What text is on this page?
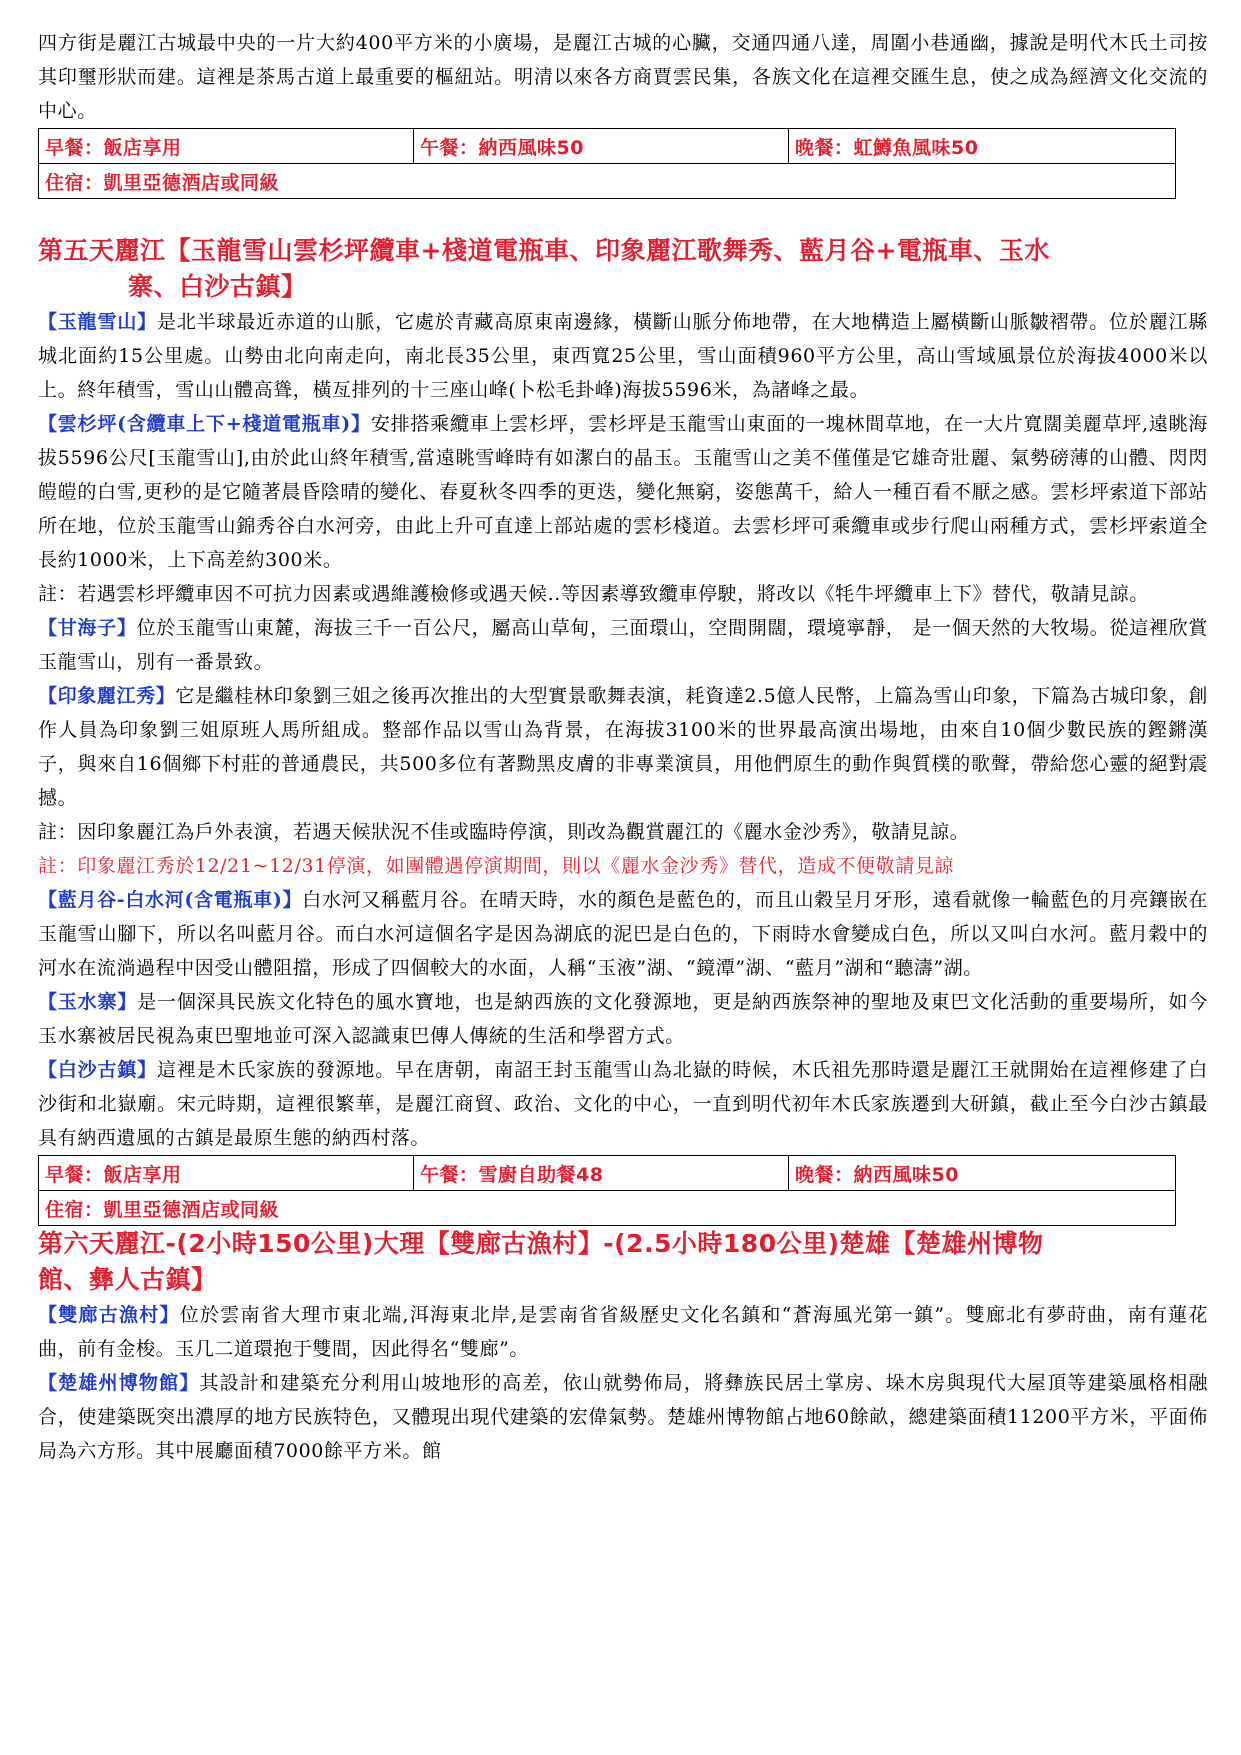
四方街是麗江古城最中央的一片大約400平方米的小廣場，是麗江古城的心臟，交通四通八達，周圍小巷通幽，據說是明代木氏土司按其印璽形狀而建。這裡是茶馬古道上最重要的樞紐站。明清以來各方商賈雲民集，各族文化在這裡交匯生息，使之成為經濟文化交流的中心。

早餐：飯店享用	午餐：納西風味50	晚餐：虹鱒魚風味50
住宿：凱里亞德酒店或同級
第五天麗江【玉龍雪山雲杉坪纜車+棧道電瓶車、印象麗江歌舞秀、藍月谷+電瓶車、玉水
寨、白沙古鎮】

【玉龍雪山】是北半球最近赤道的山脈，它處於青藏高原東南邊緣，橫斷山脈分佈地帶，在大地構造上屬橫斷山脈皺褶帶。位於麗江縣城北面約15公里處。山勢由北向南走向，南北長35公里，東西寬25公里，雪山面積960平方公里，高山雪域風景位於海拔4000米以上。終年積雪，雪山山體高聳，橫亙排列的十三座山峰(卜松毛卦峰)海拔5596米，為諸峰之最。

【雲杉坪(含纜車上下+棧道電瓶車)】安排搭乘纜車上雲杉坪，雲杉坪是玉龍雪山東面的一塊林間草地，在一大片寬闊美麗草坪,遠眺海拔5596公尺[玉龍雪山],由於此山終年積雪,當遠眺雪峰時有如潔白的晶玉。玉龍雪山之美不僅僅是它雄奇壯麗、氣勢磅薄的山體、閃閃皚皚的白雪,更秒的是它隨著晨昏陰晴的變化、春夏秋冬四季的更迭，變化無窮，姿態萬千，給人一種百看不厭之感。雲杉坪索道下部站所在地，位於玉龍雪山錦秀谷白水河旁，由此上升可直達上部站處的雲杉棧道。去雲杉坪可乘纜車或步行爬山兩種方式，雲杉坪索道全長約1000米，上下高差約300米。

註：若遇雲杉坪纜車因不可抗力因素或遇維護檢修或遇天候..等因素導致纜車停駛，將改以《牦牛坪纜車上下》替代，敬請見諒。

【甘海子】位於玉龍雪山東麓，海拔三千一百公尺，屬高山草甸，三面環山，空間開闊，環境寧靜， 是一個天然的大牧場。從這裡欣賞玉龍雪山，別有一番景致。

【印象麗江秀】它是繼桂林印象劉三姐之後再次推出的大型實景歌舞表演，耗資達2.5億人民幣，上篇為雪山印象，下篇為古城印象，創作人員為印象劉三姐原班人馬所組成。整部作品以雪山為背景，在海拔3100米的世界最高演出場地，由來自10個少數民族的鏗鏘漢子，與來自16個鄉下村莊的普通農民，共500多位有著黝黑皮膚的非專業演員，用他們原生的動作與質樸的歌聲，帶給您心靈的絕對震撼。

註：因印象麗江為戶外表演，若遇天候狀況不佳或臨時停演，則改為觀賞麗江的《麗水金沙秀》，敬請見諒。

註：印象麗江秀於12/21~12/31停演，如團體遇停演期間，則以《麗水金沙秀》替代，造成不便敬請見諒

【藍月谷-白水河(含電瓶車)】白水河又稱藍月谷。在晴天時，水的顏色是藍色的，而且山穀呈月牙形，遠看就像一輪藍色的月亮鑲嵌在玉龍雪山腳下，所以名叫藍月谷。而白水河這個名字是因為湖底的泥巴是白色的，下雨時水會變成白色，所以又叫白水河。藍月穀中的河水在流淌過程中因受山體阻擋，形成了四個較大的水面，人稱“玉液”湖、“鏡潭”湖、“藍月”湖和“聽濤”湖。

【玉水寨】是一個深具民族文化特色的風水寶地，也是納西族的文化發源地，更是納西族祭神的聖地及東巴文化活動的重要場所，如今玉水寨被居民視為東巴聖地並可深入認識東巴傳人傳統的生活和學習方式。

【白沙古鎮】這裡是木氏家族的發源地。早在唐朝，南詔王封玉龍雪山為北嶽的時候，木氏祖先那時還是麗江王就開始在這裡修建了白沙街和北嶽廟。宋元時期，這裡很繁華，是麗江商貿、政治、文化的中心，一直到明代初年木氏家族遷到大研鎮，截止至今白沙古鎮最具有納西遺風的古鎮是最原生態的納西村落。

早餐：飯店享用	午餐：雪廚自助餐48	晚餐：納西風味50
住宿：凱里亞德酒店或同級
第六天麗江-(2小時150公里)大理【雙廊古漁村】-(2.5小時180公里)楚雄【楚雄州博物
館、彝人古鎮】

【雙廊古漁村】位於雲南省大理市東北端,洱海東北岸,是雲南省省級歷史文化名鎮和“蒼海風光第一鎮”。雙廊北有夢莳曲，南有蓮花曲，前有金梭。玉几二道環抱于雙間，因此得名“雙廊”。

【楚雄州博物館】其設計和建築充分利用山坡地形的高差，依山就勢佈局，將彝族民居土掌房、垛木房與現代大屋頂等建築風格相融合，使建築既突出濃厚的地方民族特色，又體現出現代建築的宏偉氣勢。楚雄州博物館占地60餘畝，總建築面積11200平方米，平面佈局為六方形。其中展廳面積7000餘平方米。館
